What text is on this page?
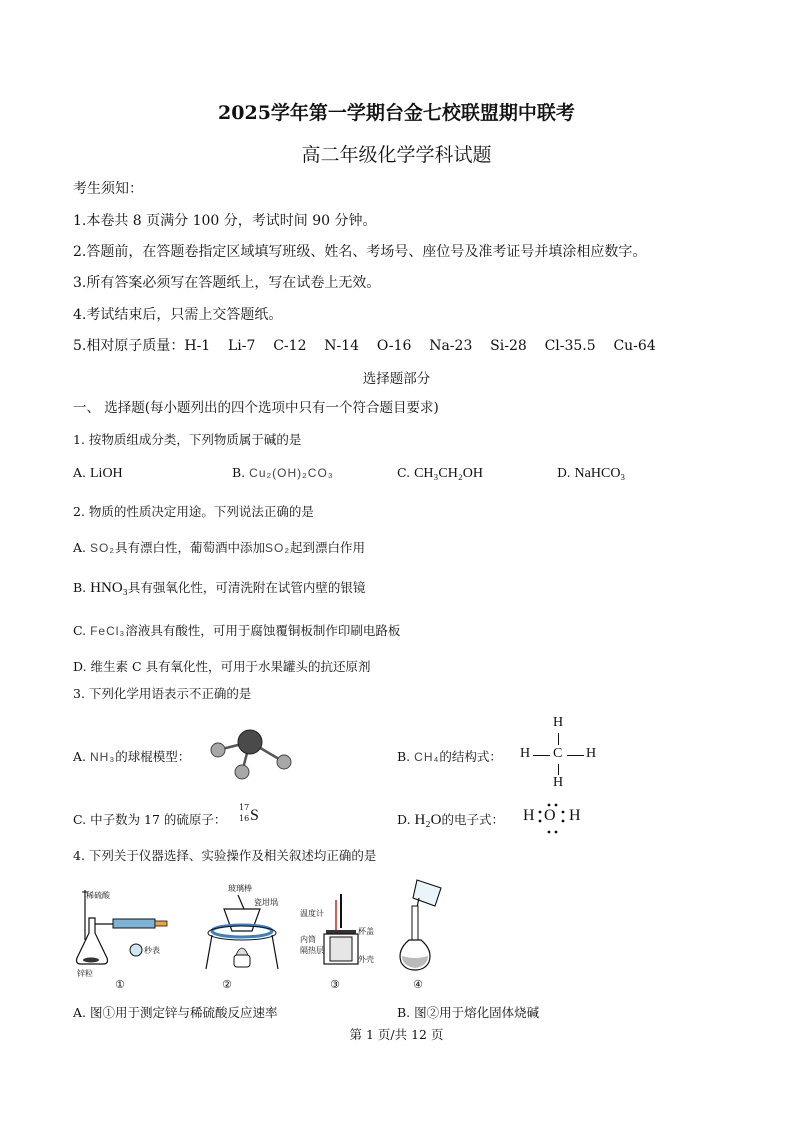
2025学年第一学期台金七校联盟期中联考
高二年级化学学科试题
考生须知：
1.本卷共 8 页满分 100 分，考试时间 90 分钟。
2.答题前，在答题卷指定区域填写班级、姓名、考场号、座位号及准考证号并填涂相应数字。
3.所有答案必须写在答题纸上，写在试卷上无效。
4.考试结束后，只需上交答题纸。
5.相对原子质量：H-1    Li-7    C-12    N-14    O-16    Na-23    Si-28    Cl-35.5    Cu-64
选择题部分
一、 选择题(每小题列出的四个选项中只有一个符合题目要求)
1. 按物质组成分类，下列物质属于碱的是
A. LiOH	B. Cu₂(OH)₂CO₃	C. CH₃CH₂OH	D. NaHCO₃
2. 物质的性质决定用途。下列说法正确的是
A. SO₂具有漂白性，葡萄酒中添加SO₂起到漂白作用
B. HNO₃具有强氧化性，可清洗附在试管内壁的银镜
C. FeCl₃溶液具有酸性，可用于腐蚀覆铜板制作印刷电路板
D. 维生素 C 具有氧化性，可用于水果罐头的抗还原剂
3. 下列化学用语表示不正确的是
A. NH₃的球棍模型：	B. CH₄的结构式：
H
H C H
H
C. 中子数为 17 的硫原子：
17
16 S	D. H₂O的电子式： H O H
4. 下列关于仪器选择、实验操作及相关叙述均正确的是
稀硫酸
秒表
锌粒
①
玻璃棒
瓷坩埚
②
温度计
杯盖
内筒
隔热层
外壳
③	④
A. 图①用于测定锌与稀硫酸反应速率	B. 图②用于熔化固体烧碱
第 1 页/共 12 页
